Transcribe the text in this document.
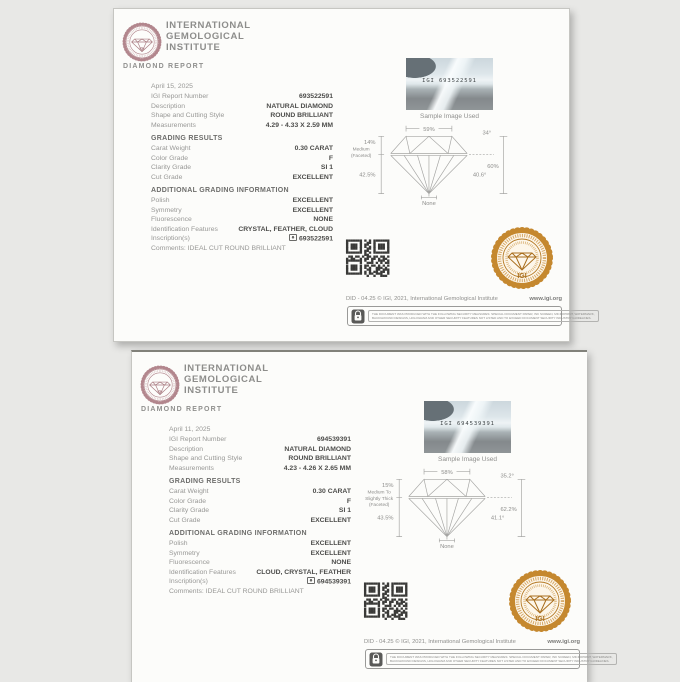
IGI
INTERNATIONAL
GEMOLOGICAL
INSTITUTE
DIAMOND REPORT
April 15, 2025
IGI Report Number	693522591
Description	NATURAL DIAMOND
Shape and Cutting Style	ROUND BRILLIANT
Measurements	4.29 - 4.33 X 2.59 MM
GRADING RESULTS
Carat Weight	0.30 CARAT
Color Grade	F
Clarity Grade	SI 1
Cut Grade	EXCELLENT
ADDITIONAL GRADING INFORMATION
Polish	EXCELLENT
Symmetry	EXCELLENT
Fluorescence	NONE
Identification Features	CRYSTAL, FEATHER, CLOUD
Inscription(s)	693522591
Comments: IDEAL CUT ROUND BRILLIANT
IGI 693522591
Sample Image Used
59%
14%
42.5%
34°
40.6°
60%
None
Medium
(Faceted)
█▀▀▀▀▀█ ▀▄█ █▀▀▀▀▀█
█ ███ █ █▀▄ █ ███ █
█ ▀▀▀ █ ▄█▀ █ ▀▀▀ █
▀▀▀▀▀▀▀ █▄▀ ▀▀▀▀▀▀▀
▄▀█▄▀▀▄▀▄█▀▄█▀▄▀█▄▀
█▀▀▀▀▀█ ▀▄▄█ ▄▀█▀▄█
█ ███ █ █▀▄▀▀▄█▄▀▄▀
█ ▀▀▀ █ ▄▀█ ▄█▀▄█▀█
▀▀▀▀▀▀▀ ▀▄▀▀▄▀▀█▄▄▀	IGI
DID - 04.25 © IGI, 2021, International Gemological Institute	www.igi.org
THE DOCUMENT WAS PRODUCED WITH THE FOLLOWING SECURITY MEASURES: SPECIAL DOCUMENT PAPER, INK SCREEN, MICROPRINT, WATERMARK,
BACKGROUND DESIGNS, HOLOGRAM AND OTHER SECURITY FEATURES NOT LISTED AND TO EXCEED DOCUMENT SECURITY INDUSTRY GUIDELINES.
IGI
INTERNATIONAL
GEMOLOGICAL
INSTITUTE
DIAMOND REPORT
April 11, 2025
IGI Report Number	694539391
Description	NATURAL DIAMOND
Shape and Cutting Style	ROUND BRILLIANT
Measurements	4.23 - 4.26 X 2.65 MM
GRADING RESULTS
Carat Weight	0.30 CARAT
Color Grade	F
Clarity Grade	SI 1
Cut Grade	EXCELLENT
ADDITIONAL GRADING INFORMATION
Polish	EXCELLENT
Symmetry	EXCELLENT
Fluorescence	NONE
Identification Features	CLOUD, CRYSTAL, FEATHER
Inscription(s)	694539391
Comments: IDEAL CUT ROUND BRILLIANT
IGI 694539391
Sample Image Used
58%
15%
43.5%
35.2°
41.1°
62.2%
None
Medium To
Slightly Thick
(Faceted)
█▀▀▀▀▀█ ▀▄█ █▀▀▀▀▀█
█ ███ █ █▀▄ █ ███ █
█ ▀▀▀ █ ▄█▀ █ ▀▀▀ █
▀▀▀▀▀▀▀ █▄▀ ▀▀▀▀▀▀▀
▄▀█▄▀▀▄▀▄█▀▄█▀▄▀█▄▀
█▀▀▀▀▀█ ▀▄▄█ ▄▀█▀▄█
█ ███ █ █▀▄▀▀▄█▄▀▄▀
█ ▀▀▀ █ ▄▀█ ▄█▀▄█▀█
▀▀▀▀▀▀▀ ▀▄▀▀▄▀▀█▄▄▀	IGI
DID - 04.25 © IGI, 2021, International Gemological Institute	www.igi.org
THE DOCUMENT WAS PRODUCED WITH THE FOLLOWING SECURITY MEASURES: SPECIAL DOCUMENT PAPER, INK SCREEN, MICROPRINT, WATERMARK,
BACKGROUND DESIGNS, HOLOGRAM AND OTHER SECURITY FEATURES NOT LISTED AND TO EXCEED DOCUMENT SECURITY INDUSTRY GUIDELINES.
